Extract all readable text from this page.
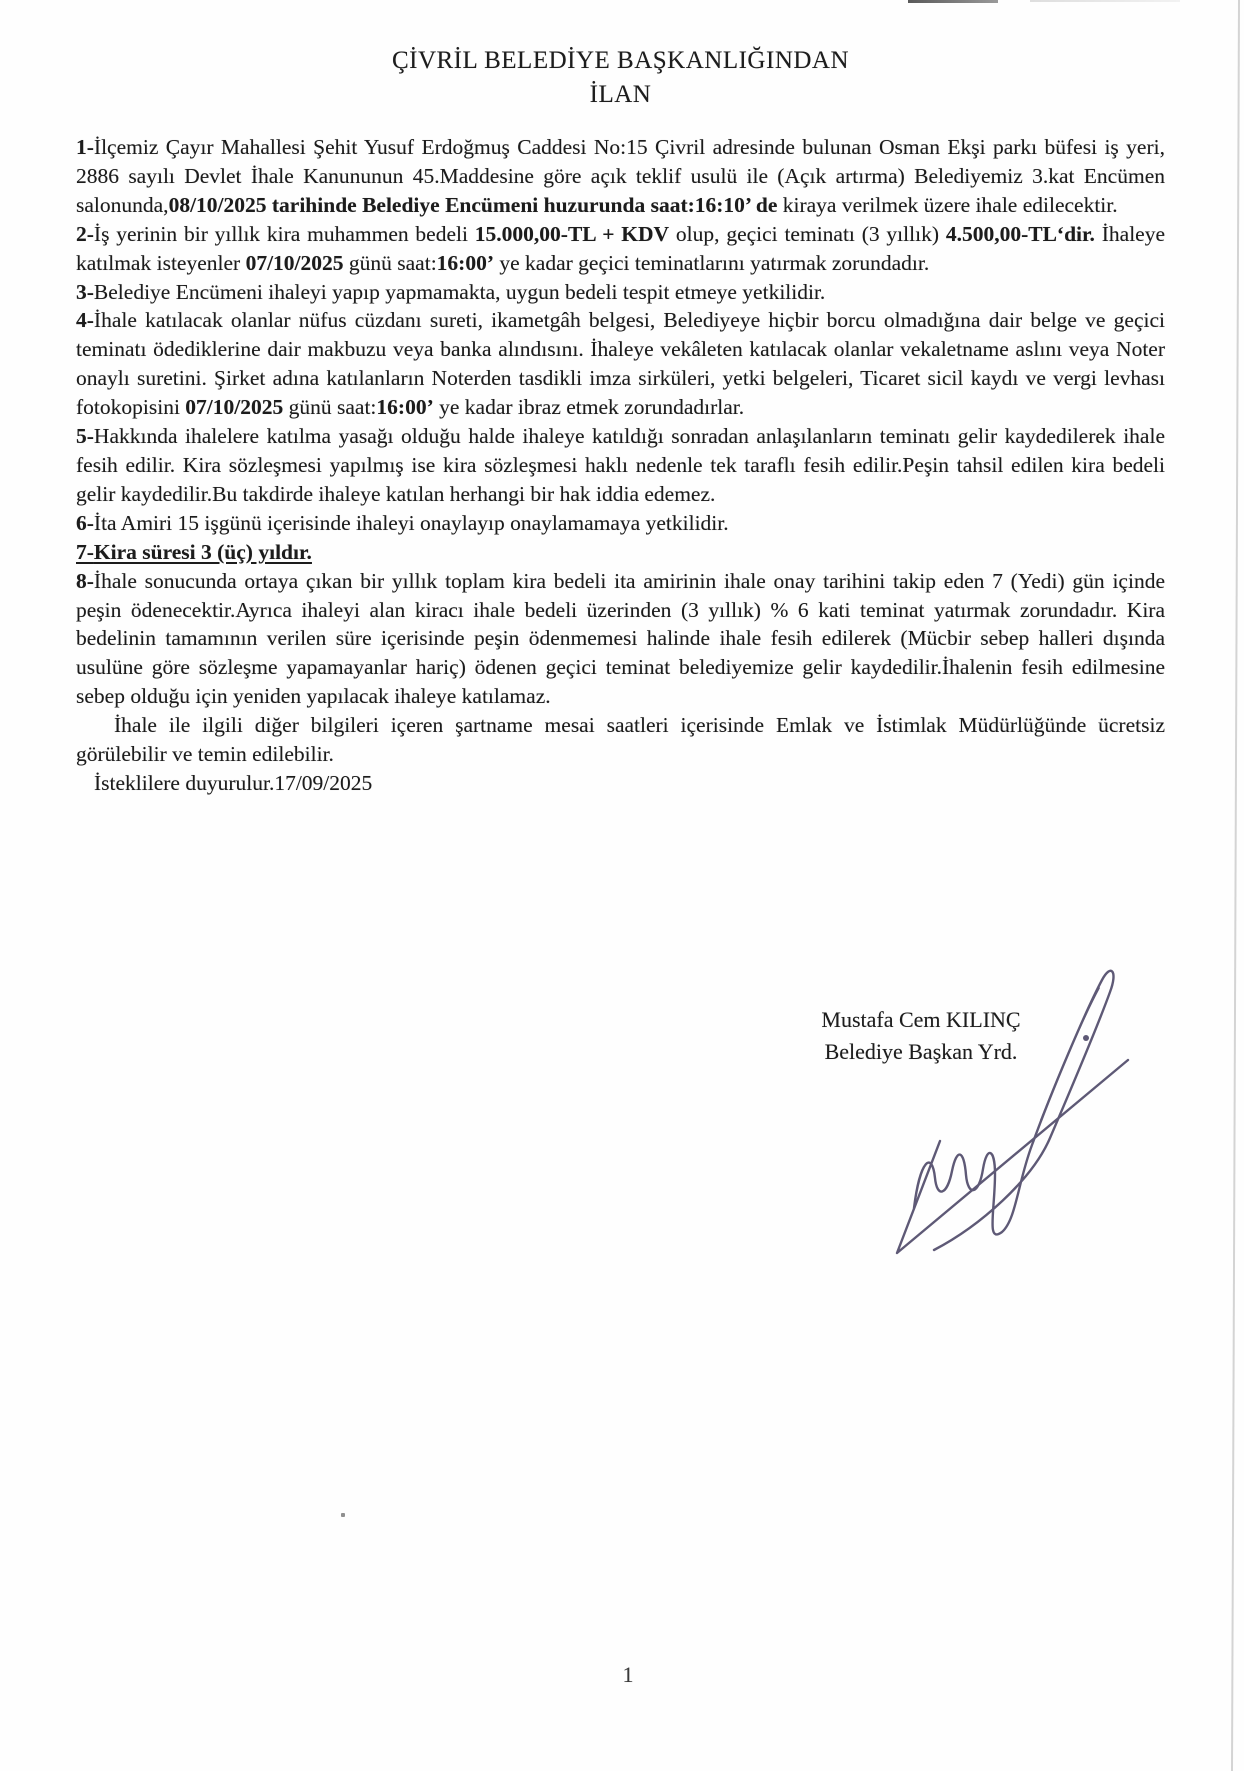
ÇİVRİL BELEDİYE BAŞKANLIĞINDAN
İLAN

1-İlçemiz Çayır Mahallesi Şehit Yusuf Erdoğmuş Caddesi No:15 Çivril adresinde bulunan Osman Ekşi parkı büfesi iş yeri, 2886 sayılı Devlet İhale Kanununun 45.Maddesine göre açık teklif usulü ile (Açık artırma) Belediyemiz 3.kat Encümen salonunda,08/10/2025 tarihinde Belediye Encümeni huzurunda saat:16:10’ de kiraya verilmek üzere ihale edilecektir.

2-İş yerinin bir yıllık kira muhammen bedeli 15.000,00-TL + KDV olup, geçici teminatı (3 yıllık) 4.500,00-TL‘dir. İhaleye katılmak isteyenler 07/10/2025 günü saat:16:00’ ye kadar geçici teminatlarını yatırmak zorundadır.

3-Belediye Encümeni ihaleyi yapıp yapmamakta, uygun bedeli tespit etmeye yetkilidir.

4-İhale katılacak olanlar nüfus cüzdanı sureti, ikametgâh belgesi, Belediyeye hiçbir borcu olmadığına dair belge ve geçici teminatı ödediklerine dair makbuzu veya banka alındısını. İhaleye vekâleten katılacak olanlar vekaletname aslını veya Noter onaylı suretini. Şirket adına katılanların Noterden tasdikli imza sirküleri, yetki belgeleri, Ticaret sicil kaydı ve vergi levhası fotokopisini 07/10/2025 günü saat:16:00’ ye kadar ibraz etmek zorundadırlar.

5-Hakkında ihalelere katılma yasağı olduğu halde ihaleye katıldığı sonradan anlaşılanların teminatı gelir kaydedilerek ihale fesih edilir. Kira sözleşmesi yapılmış ise kira sözleşmesi haklı nedenle tek taraflı fesih edilir.Peşin tahsil edilen kira bedeli gelir kaydedilir.Bu takdirde ihaleye katılan herhangi bir hak iddia edemez.

6-İta Amiri 15 işgünü içerisinde ihaleyi onaylayıp onaylamamaya yetkilidir.

7-Kira süresi 3 (üç) yıldır.

8-İhale sonucunda ortaya çıkan bir yıllık toplam kira bedeli ita amirinin ihale onay tarihini takip eden 7 (Yedi) gün içinde peşin ödenecektir.Ayrıca ihaleyi alan kiracı ihale bedeli üzerinden (3 yıllık) % 6 kati teminat yatırmak zorundadır. Kira bedelinin tamamının verilen süre içerisinde peşin ödenmemesi halinde ihale fesih edilerek (Mücbir sebep halleri dışında usulüne göre sözleşme yapamayanlar hariç) ödenen geçici teminat belediyemize gelir kaydedilir.İhalenin fesih edilmesine sebep olduğu için yeniden yapılacak ihaleye katılamaz.

İhale ile ilgili diğer bilgileri içeren şartname mesai saatleri içerisinde Emlak ve İstimlak Müdürlüğünde ücretsiz görülebilir ve temin edilebilir.

İsteklilere duyurulur.17/09/2025

Mustafa Cem KILINÇ
Belediye Başkan Yrd.
1
